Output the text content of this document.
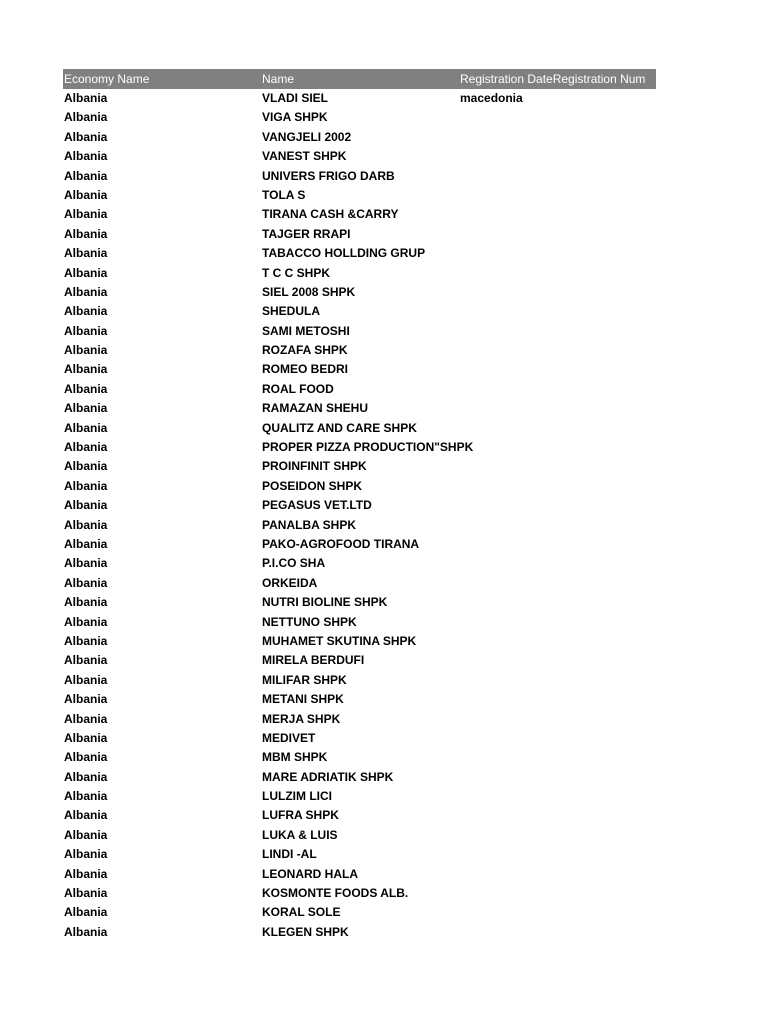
Economy Name	Name	Registration Date Registration Num
Albania	VLADI SIEL	macedonia
Albania	VIGA SHPK
Albania	VANGJELI 2002
Albania	VANEST SHPK
Albania	UNIVERS FRIGO DARB
Albania	TOLA S
Albania	TIRANA CASH &CARRY
Albania	TAJGER RRAPI
Albania	TABACCO HOLLDING GRUP
Albania	T C C SHPK
Albania	SIEL 2008 SHPK
Albania	SHEDULA
Albania	SAMI METOSHI
Albania	ROZAFA SHPK
Albania	ROMEO BEDRI
Albania	ROAL FOOD
Albania	RAMAZAN SHEHU
Albania	QUALITZ AND CARE SHPK
Albania	PROPER PIZZA PRODUCTION"SHPK
Albania	PROINFINIT SHPK
Albania	POSEIDON SHPK
Albania	PEGASUS VET.LTD
Albania	PANALBA SHPK
Albania	PAKO-AGROFOOD TIRANA
Albania	P.I.CO SHA
Albania	ORKEIDA
Albania	NUTRI BIOLINE SHPK
Albania	NETTUNO SHPK
Albania	MUHAMET SKUTINA SHPK
Albania	MIRELA BERDUFI
Albania	MILIFAR SHPK
Albania	METANI SHPK
Albania	MERJA SHPK
Albania	MEDIVET
Albania	MBM SHPK
Albania	MARE ADRIATIK SHPK
Albania	LULZIM LICI
Albania	LUFRA SHPK
Albania	LUKA & LUIS
Albania	LINDI -AL
Albania	LEONARD HALA
Albania	KOSMONTE FOODS ALB.
Albania	KORAL SOLE
Albania	KLEGEN SHPK
